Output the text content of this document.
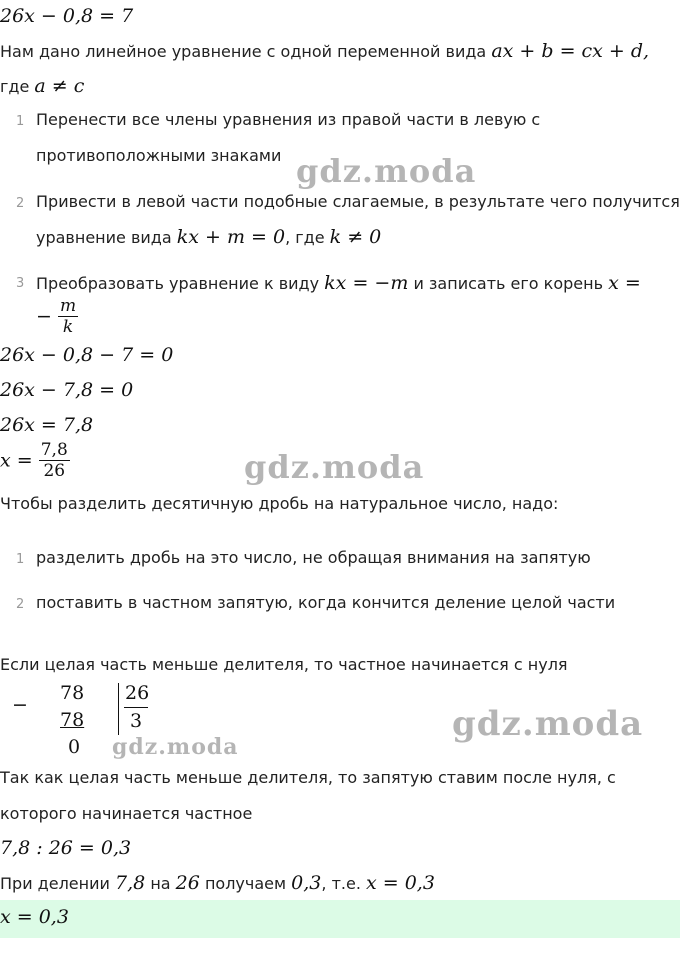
26x − 0,8 = 7
Нам дано линейное уравнение с одной переменной вида ax + b = cx + d,
где a ≠ c
1 Перенести все члены уравнения из правой части в левую с
противоположными знаками
2 Привести в левой части подобные слагаемые, в результате чего получится
уравнение вида kx + m = 0, где k ≠ 0
3 Преобразовать уравнение к виду kx = −m и записать его корень x =
− $\frac{m}{k}$
26x − 0,8 − 7 = 0
26x − 7,8 = 0
26x = 7,8
$x = \frac{7,8}{26}$
Чтобы разделить десятичную дробь на натуральное число, надо:
1 разделить дробь на это число, не обращая внимания на запятую
2 поставить в частном запятую, когда кончится деление целой части
Если целая часть меньше делителя, то частное начинается с нуля
−
78
78
0
26
3
Так как целая часть меньше делителя, то запятую ставим после нуля, с
которого начинается частное
7,8 : 26 = 0,3
При делении 7,8 на 26 получаем 0,3, т.е. x = 0,3
x = 0,3
gdz.moda
gdz.moda
gdz.moda
gdz.moda
